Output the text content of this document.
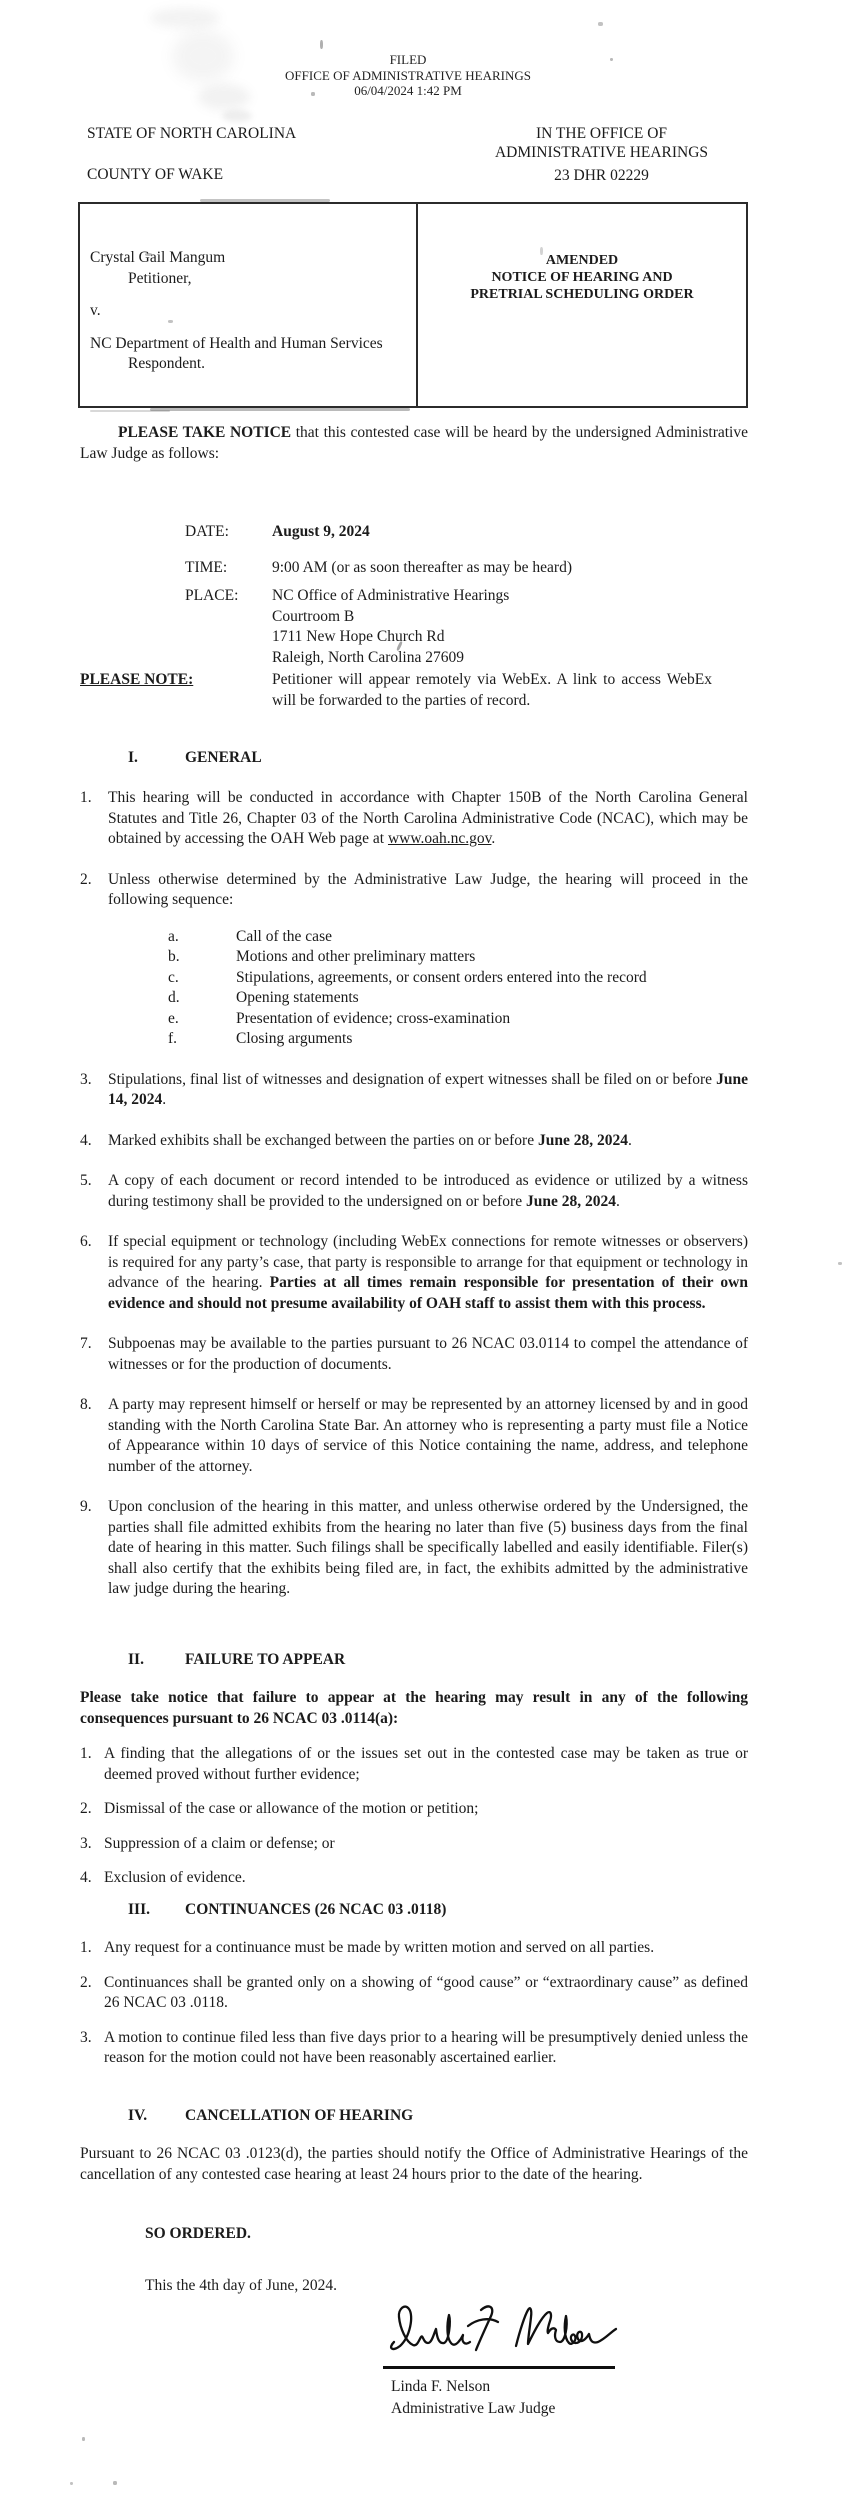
FILED
OFFICE OF ADMINISTRATIVE HEARINGS
06/04/2024 1:42 PM
STATE OF NORTH CAROLINA
COUNTY OF WAKE
IN THE OFFICE OF
ADMINISTRATIVE HEARINGS
23 DHR 02229
Crystal Gail Mangum
Petitioner,
v.
NC Department of Health and Human Services
Respondent.
AMENDED
NOTICE OF HEARING AND
PRETRIAL SCHEDULING ORDER
PLEASE TAKE NOTICE that this contested case will be heard by the undersigned Administrative Law Judge as follows:
DATE:	August 9, 2024
TIME:	9:00 AM (or as soon thereafter as may be heard)
PLACE:	NC Office of Administrative Hearings
Courtroom B
1711 New Hope Church Rd
Raleigh, North Carolina 27609
PLEASE NOTE:	Petitioner will appear remotely via WebEx. A link to access WebEx will be forwarded to the parties of record.
I.	GENERAL
1.	This hearing will be conducted in accordance with Chapter 150B of the North Carolina General Statutes and Title 26, Chapter 03 of the North Carolina Administrative Code (NCAC), which may be obtained by accessing the OAH Web page at www.oah.nc.gov.
2.	Unless otherwise determined by the Administrative Law Judge, the hearing will proceed in the following sequence:
a.	Call of the case
b.	Motions and other preliminary matters
c.	Stipulations, agreements, or consent orders entered into the record
d.	Opening statements
e.	Presentation of evidence; cross-examination
f.	Closing arguments
3.	Stipulations, final list of witnesses and designation of expert witnesses shall be filed on or before June 14, 2024.
4.	Marked exhibits shall be exchanged between the parties on or before June 28, 2024.
5.	A copy of each document or record intended to be introduced as evidence or utilized by a witness during testimony shall be provided to the undersigned on or before June 28, 2024.
6.	If special equipment or technology (including WebEx connections for remote witnesses or observers) is required for any party’s case, that party is responsible to arrange for that equipment or technology in advance of the hearing. Parties at all times remain responsible for presentation of their own evidence and should not presume availability of OAH staff to assist them with this process.
7.	Subpoenas may be available to the parties pursuant to 26 NCAC 03.0114 to compel the attendance of witnesses or for the production of documents.
8.	A party may represent himself or herself or may be represented by an attorney licensed by and in good standing with the North Carolina State Bar. An attorney who is representing a party must file a Notice of Appearance within 10 days of service of this Notice containing the name, address, and telephone number of the attorney.
9.	Upon conclusion of the hearing in this matter, and unless otherwise ordered by the Undersigned, the parties shall file admitted exhibits from the hearing no later than five (5) business days from the final date of hearing in this matter. Such filings shall be specifically labelled and easily identifiable. Filer(s) shall also certify that the exhibits being filed are, in fact, the exhibits admitted by the administrative law judge during the hearing.
II.	FAILURE TO APPEAR
Please take notice that failure to appear at the hearing may result in any of the following consequences pursuant to 26 NCAC 03 .0114(a):
1. A finding that the allegations of or the issues set out in the contested case may be taken as true or deemed proved without further evidence;
2. Dismissal of the case or allowance of the motion or petition;
3. Suppression of a claim or defense; or
4. Exclusion of evidence.
III. CONTINUANCES (26 NCAC 03 .0118)
1. Any request for a continuance must be made by written motion and served on all parties.
2. Continuances shall be granted only on a showing of “good cause” or “extraordinary cause” as defined 26 NCAC 03 .0118.
3. A motion to continue filed less than five days prior to a hearing will be presumptively denied unless the reason for the motion could not have been reasonably ascertained earlier.
IV. CANCELLATION OF HEARING
Pursuant to 26 NCAC 03 .0123(d), the parties should notify the Office of Administrative Hearings of the cancellation of any contested case hearing at least 24 hours prior to the date of the hearing.
SO ORDERED.
This the 4th day of June, 2024.
Linda F. Nelson
Administrative Law Judge
